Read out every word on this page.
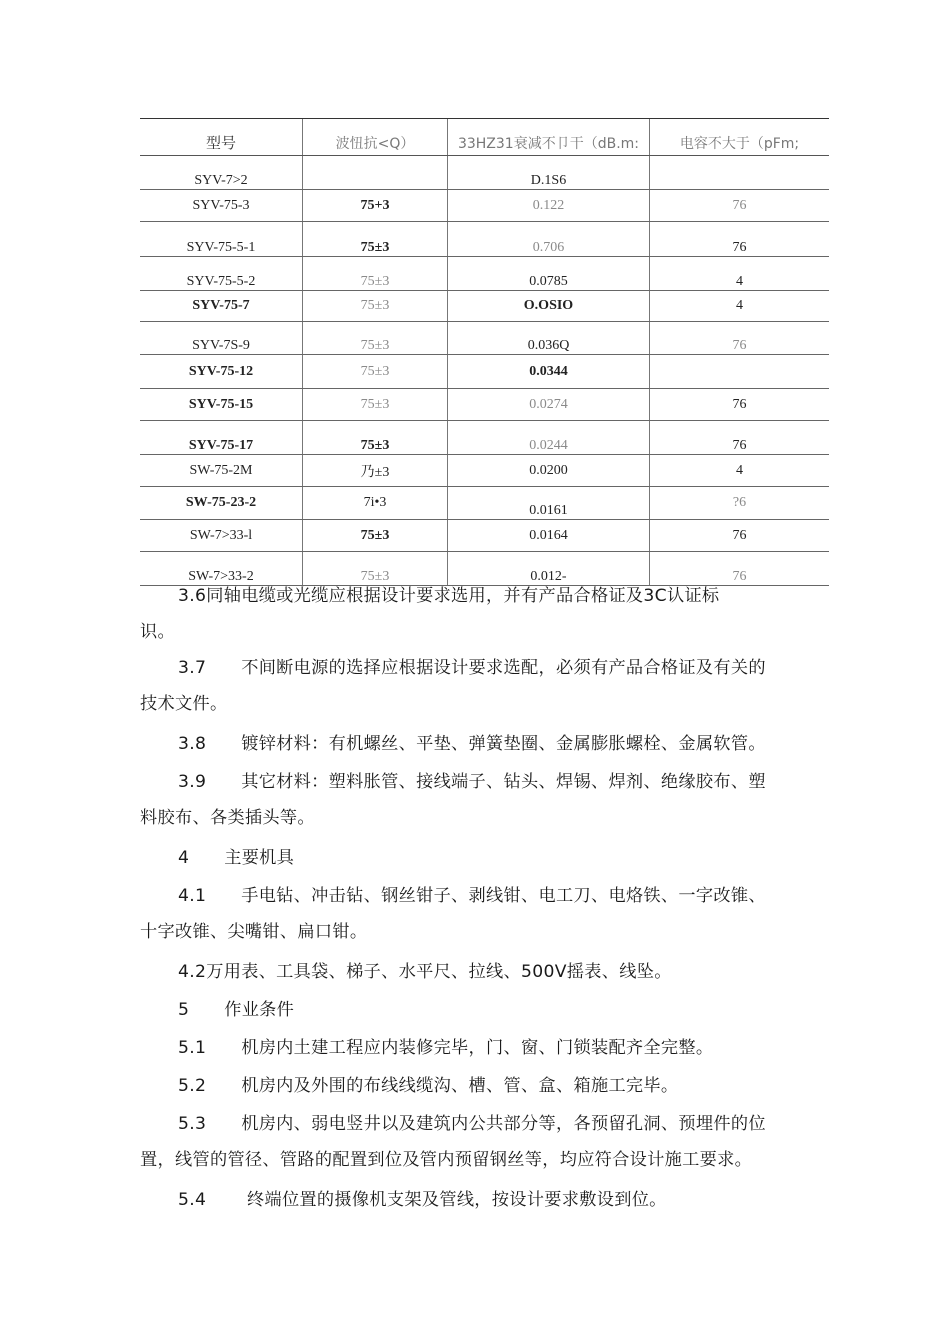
型号	波忸抗<Q）	33HZ31衰减不卩干（dB.m:	电容不大于（pFm;
SYV-7>2		D.1S6	
SYV-75-3	75+3	0.122	76
SYV-75-5-1	75±3	0.706	76
SYV-75-5-2	75±3	0.0785	4
SYV-75-7	75±3	O.OSIO	4
SYV-7S-9	75±3	0.036Q	76
SYV-75-12	75±3	0.0344	
SYV-75-15	75±3	0.0274	76
SYV-75-17	75±3	0.0244	76
SW-75-2M	乃±3	0.0200	4
SW-75-23-2	7i•3	0.0161	?6
SW-7>33-l	75±3	0.0164	76
SW-7>33-2	75±3	0.012-	76
3.6同轴电缆或光缆应根据设计要求选用，并有产品合格证及3C认证标
识。
3.7　　不间断电源的选择应根据设计要求选配，必须有产品合格证及有关的
技术文件。
3.8　　镀锌材料：有机螺丝、平垫、弹簧垫圈、金属膨胀螺栓、金属软管。
3.9　　其它材料：塑料胀管、接线端子、钻头、焊锡、焊剂、绝缘胶布、塑
料胶布、各类插头等。
4　　主要机具
4.1　　手电钻、冲击钻、钢丝钳子、剥线钳、电工刀、电烙铁、一字改锥、
十字改锥、尖嘴钳、扁口钳。
4.2万用表、工具袋、梯子、水平尺、拉线、500V摇表、线坠。
5　　作业条件
5.1　　机房内土建工程应内装修完毕，门、窗、门锁装配齐全完整。
5.2　　机房内及外围的布线线缆沟、槽、管、盒、箱施工完毕。
5.3　　机房内、弱电竖井以及建筑内公共部分等，各预留孔洞、预埋件的位
置，线管的管径、管路的配置到位及管内预留钢丝等，均应符合设计施工要求。
5.4　　 终端位置的摄像机支架及管线，按设计要求敷设到位。
